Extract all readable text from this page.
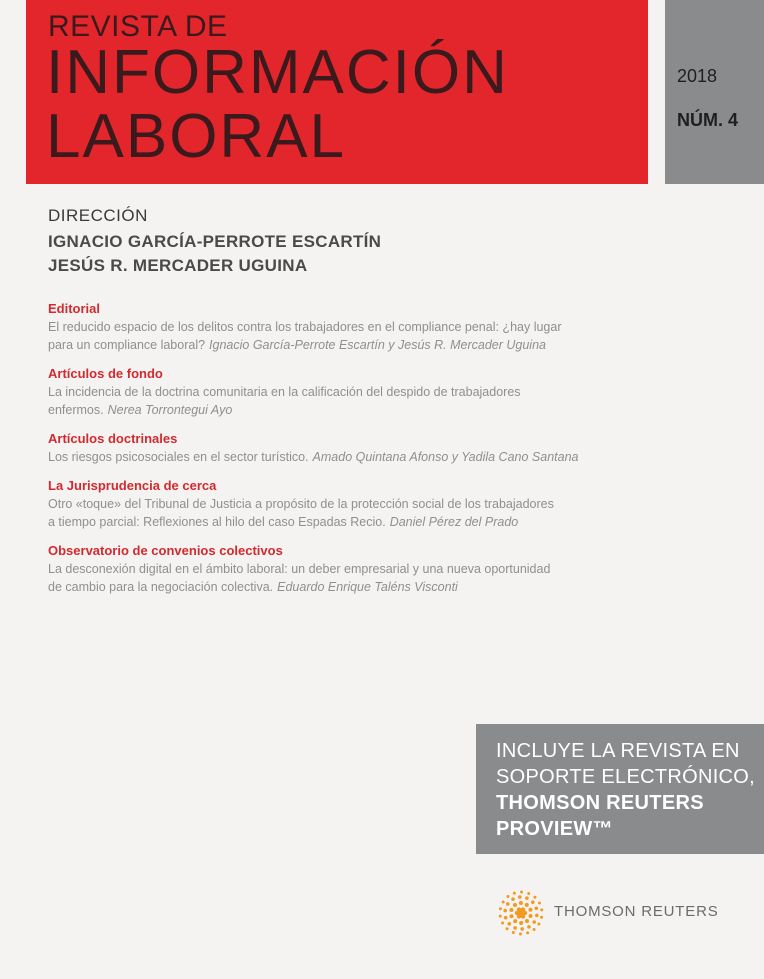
REVISTA DE
INFORMACIÓN
LABORAL
2018
NÚM. 4
DIRECCIÓN
IGNACIO GARCÍA-PERROTE ESCARTÍN
JESÚS R. MERCADER UGUINA
Editorial
El reducido espacio de los delitos contra los trabajadores en el compliance penal: ¿hay lugar
para un compliance laboral? Ignacio García-Perrote Escartín y Jesús R. Mercader Uguina
Artículos de fondo
La incidencia de la doctrina comunitaria en la calificación del despido de trabajadores
enfermos. Nerea Torrontegui Ayo
Artículos doctrinales
Los riesgos psicosociales en el sector turístico. Amado Quintana Afonso y Yadila Cano Santana
La Jurisprudencia de cerca
Otro «toque» del Tribunal de Justicia a propósito de la protección social de los trabajadores
a tiempo parcial: Reflexiones al hilo del caso Espadas Recio. Daniel Pérez del Prado
Observatorio de convenios colectivos
La desconexión digital en el ámbito laboral: un deber empresarial y una nueva oportunidad
de cambio para la negociación colectiva. Eduardo Enrique Taléns Visconti
INCLUYE LA REVISTA EN
SOPORTE ELECTRÓNICO,
THOMSON REUTERS
PROVIEW™
THOMSON REUTERS
